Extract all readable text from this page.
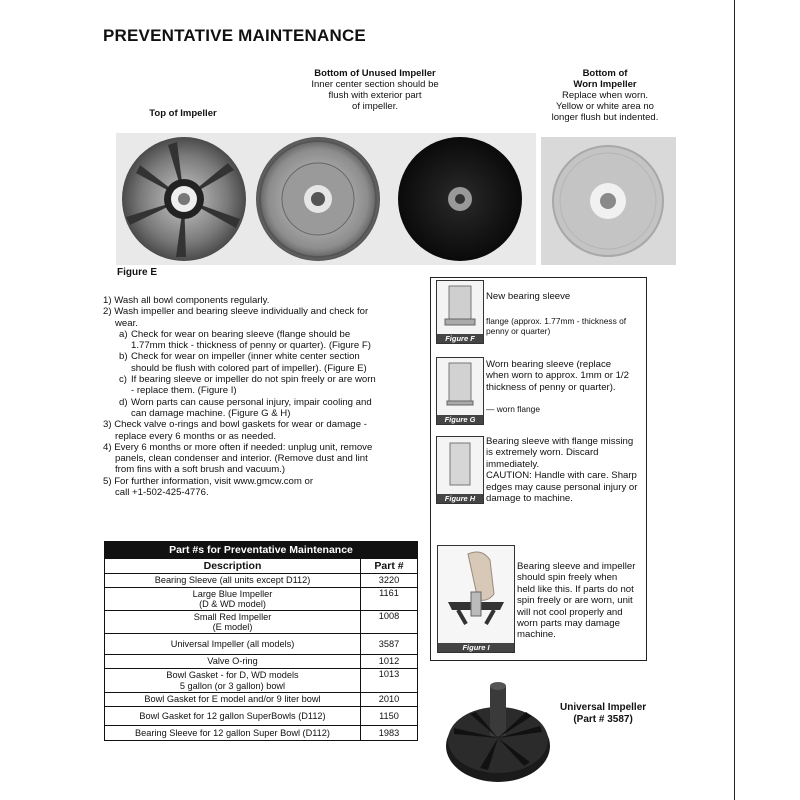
PREVENTATIVE MAINTENANCE
Top of Impeller
Bottom of Unused Impeller
Inner center section should be
flush with exterior part
of impeller.
Bottom of
Worn Impeller
Replace when worn.
Yellow or white area no
longer flush but indented.
Figure E
1) Wash all bowl components regularly.
2) Wash impeller and bearing sleeve individually and check for
wear.
a) Check for wear on bearing sleeve (flange should be
1.77mm thick - thickness of penny or quarter). (Figure F)
b) Check for wear on impeller (inner white center section
should be flush with colored part of impeller). (Figure E)
c) If bearing sleeve or impeller do not spin freely or are worn
- replace them. (Figure I)
d) Worn parts can cause personal injury, impair cooling and
can damage machine. (Figure G & H)
3) Check valve o-rings and bowl gaskets for wear or damage -
replace every 6 months or as needed.
4) Every 6 months or more often if needed: unplug unit, remove
panels, clean condenser and interior. (Remove dust and lint
from fins with a soft brush and vacuum.)
5) For further information, visit www.gmcw.com or
call +1-502-425-4776.
Part #s for Preventative Maintenance	
Description	Part #
Bearing Sleeve (all units except D112)	3220
Large Blue Impeller
(D & WD model)	1161
Small Red Impeller
(E model)	1008
Universal Impeller (all models)	3587
Valve O-ring	1012
Bowl Gasket - for D, WD models
5 gallon (or 3 gallon) bowl	1013
Bowl Gasket for E model and/or 9 liter bowl	2010
Bowl Gasket for 12 gallon SuperBowls (D112)	1150
Bearing Sleeve for 12 gallon Super Bowl (D112)	1983
Figure F
New bearing sleeve
flange (approx. 1.77mm - thickness of
penny or quarter)
Figure G
Worn bearing sleeve (replace
when worn to approx. 1mm or 1/2
thickness of penny or quarter).
— worn flange
Figure H
Bearing sleeve with flange missing
is extremely worn. Discard
immediately.
CAUTION: Handle with care. Sharp
edges may cause personal injury or
damage to machine.
Figure I
Bearing sleeve and impeller
should spin freely when
held like this. If parts do not
spin freely or are worn, unit
will not cool properly and
worn parts may damage
machine.
Universal Impeller
(Part # 3587)
